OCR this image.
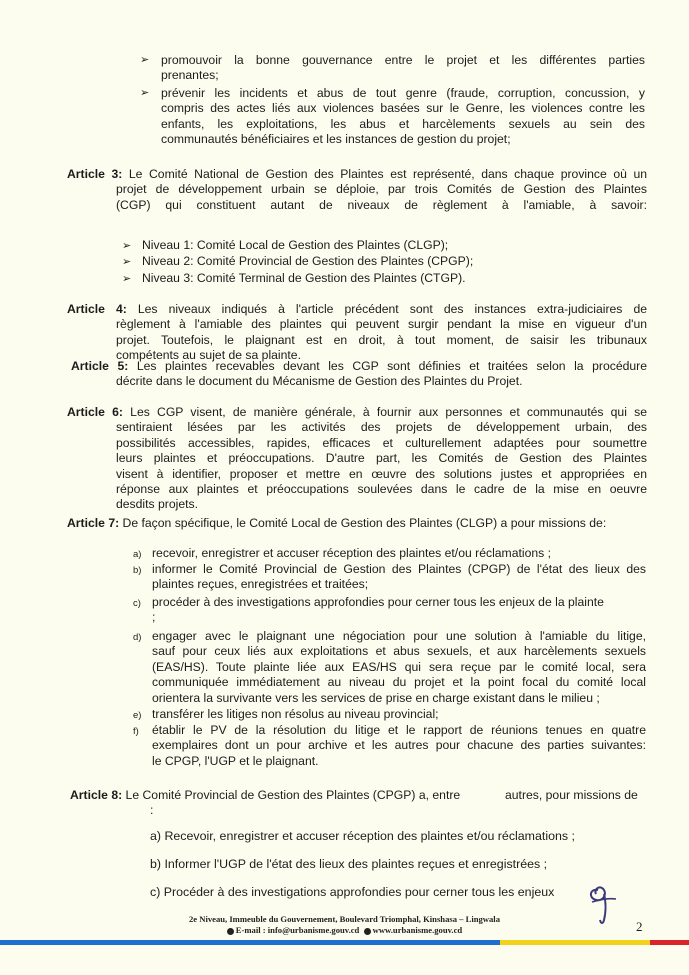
➢ promouvoir la bonne gouvernance entre le projet et les différentes parties
prenantes;
➢ prévenir les incidents et abus de tout genre (fraude, corruption, concussion, y
compris des actes liés aux violences basées sur le Genre, les violences contre les
enfants, les exploitations, les abus et harcèlements sexuels au sein des
communautés bénéficiaires et les instances de gestion du projet;
Article 3: Le Comité National de Gestion des Plaintes est représenté, dans chaque province où un
projet de développement urbain se déploie, par trois Comités de Gestion des Plaintes
(CGP) qui constituent autant de niveaux de règlement à l'amiable, à savoir:
➢ Niveau 1: Comité Local de Gestion des Plaintes (CLGP);
➢ Niveau 2: Comité Provincial de Gestion des Plaintes (CPGP);
➢ Niveau 3: Comité Terminal de Gestion des Plaintes (CTGP).
Article 4: Les niveaux indiqués à l'article précédent sont des instances extra-judiciaires de
règlement à l'amiable des plaintes qui peuvent surgir pendant la mise en vigueur d'un
projet. Toutefois, le plaignant est en droit, à tout moment, de saisir les tribunaux
compétents au sujet de sa plainte.
Article 5: Les plaintes recevables devant les CGP sont définies et traitées selon la procédure
décrite dans le document du Mécanisme de Gestion des Plaintes du Projet.
Article 6: Les CGP visent, de manière générale, à fournir aux personnes et communautés qui se
sentiraient lésées par les activités des projets de développement urbain, des
possibilités accessibles, rapides, efficaces et culturellement adaptées pour soumettre
leurs plaintes et préoccupations. D'autre part, les Comités de Gestion des Plaintes
visent à identifier, proposer et mettre en œuvre des solutions justes et appropriées en
réponse aux plaintes et préoccupations soulevées dans le cadre de la mise en oeuvre
desdits projets.
Article 7: De façon spécifique, le Comité Local de Gestion des Plaintes (CLGP) a pour missions de:
a) recevoir, enregistrer et accuser réception des plaintes et/ou réclamations ;
b) informer le Comité Provincial de Gestion des Plaintes (CPGP) de l'état des lieux des
plaintes reçues, enregistrées et traitées;
c) procéder à des investigations approfondies pour cerner tous les enjeux de la plainte
;
d) engager avec le plaignant une négociation pour une solution à l'amiable du litige,
sauf pour ceux liés aux exploitations et abus sexuels, et aux harcèlements sexuels
(EAS/HS). Toute plainte liée aux EAS/HS qui sera reçue par le comité local, sera
communiquée immédiatement au niveau du projet et la point focal du comité local
orientera la survivante vers les services de prise en charge existant dans le milieu ;
e) transférer les litiges non résolus au niveau provincial;
f) établir le PV de la résolution du litige et le rapport de réunions tenues en quatre
exemplaires dont un pour archive et les autres pour chacune des parties suivantes:
le CPGP, l'UGP et le plaignant.
Article 8: Le Comité Provincial de Gestion des Plaintes (CPGP) a, entre	autres, pour missions de
:
a) Recevoir, enregistrer et accuser réception des plaintes et/ou réclamations ;
b) Informer l'UGP de l'état des lieux des plaintes reçues et enregistrées ;
c) Procéder à des investigations approfondies pour cerner tous les enjeux
2e Niveau, Immeuble du Gouvernement, Boulevard Triomphal, Kinshasa – Lingwala
E-mail : info@urbanisme.gouv.cd www.urbanisme.gouv.cd	2
